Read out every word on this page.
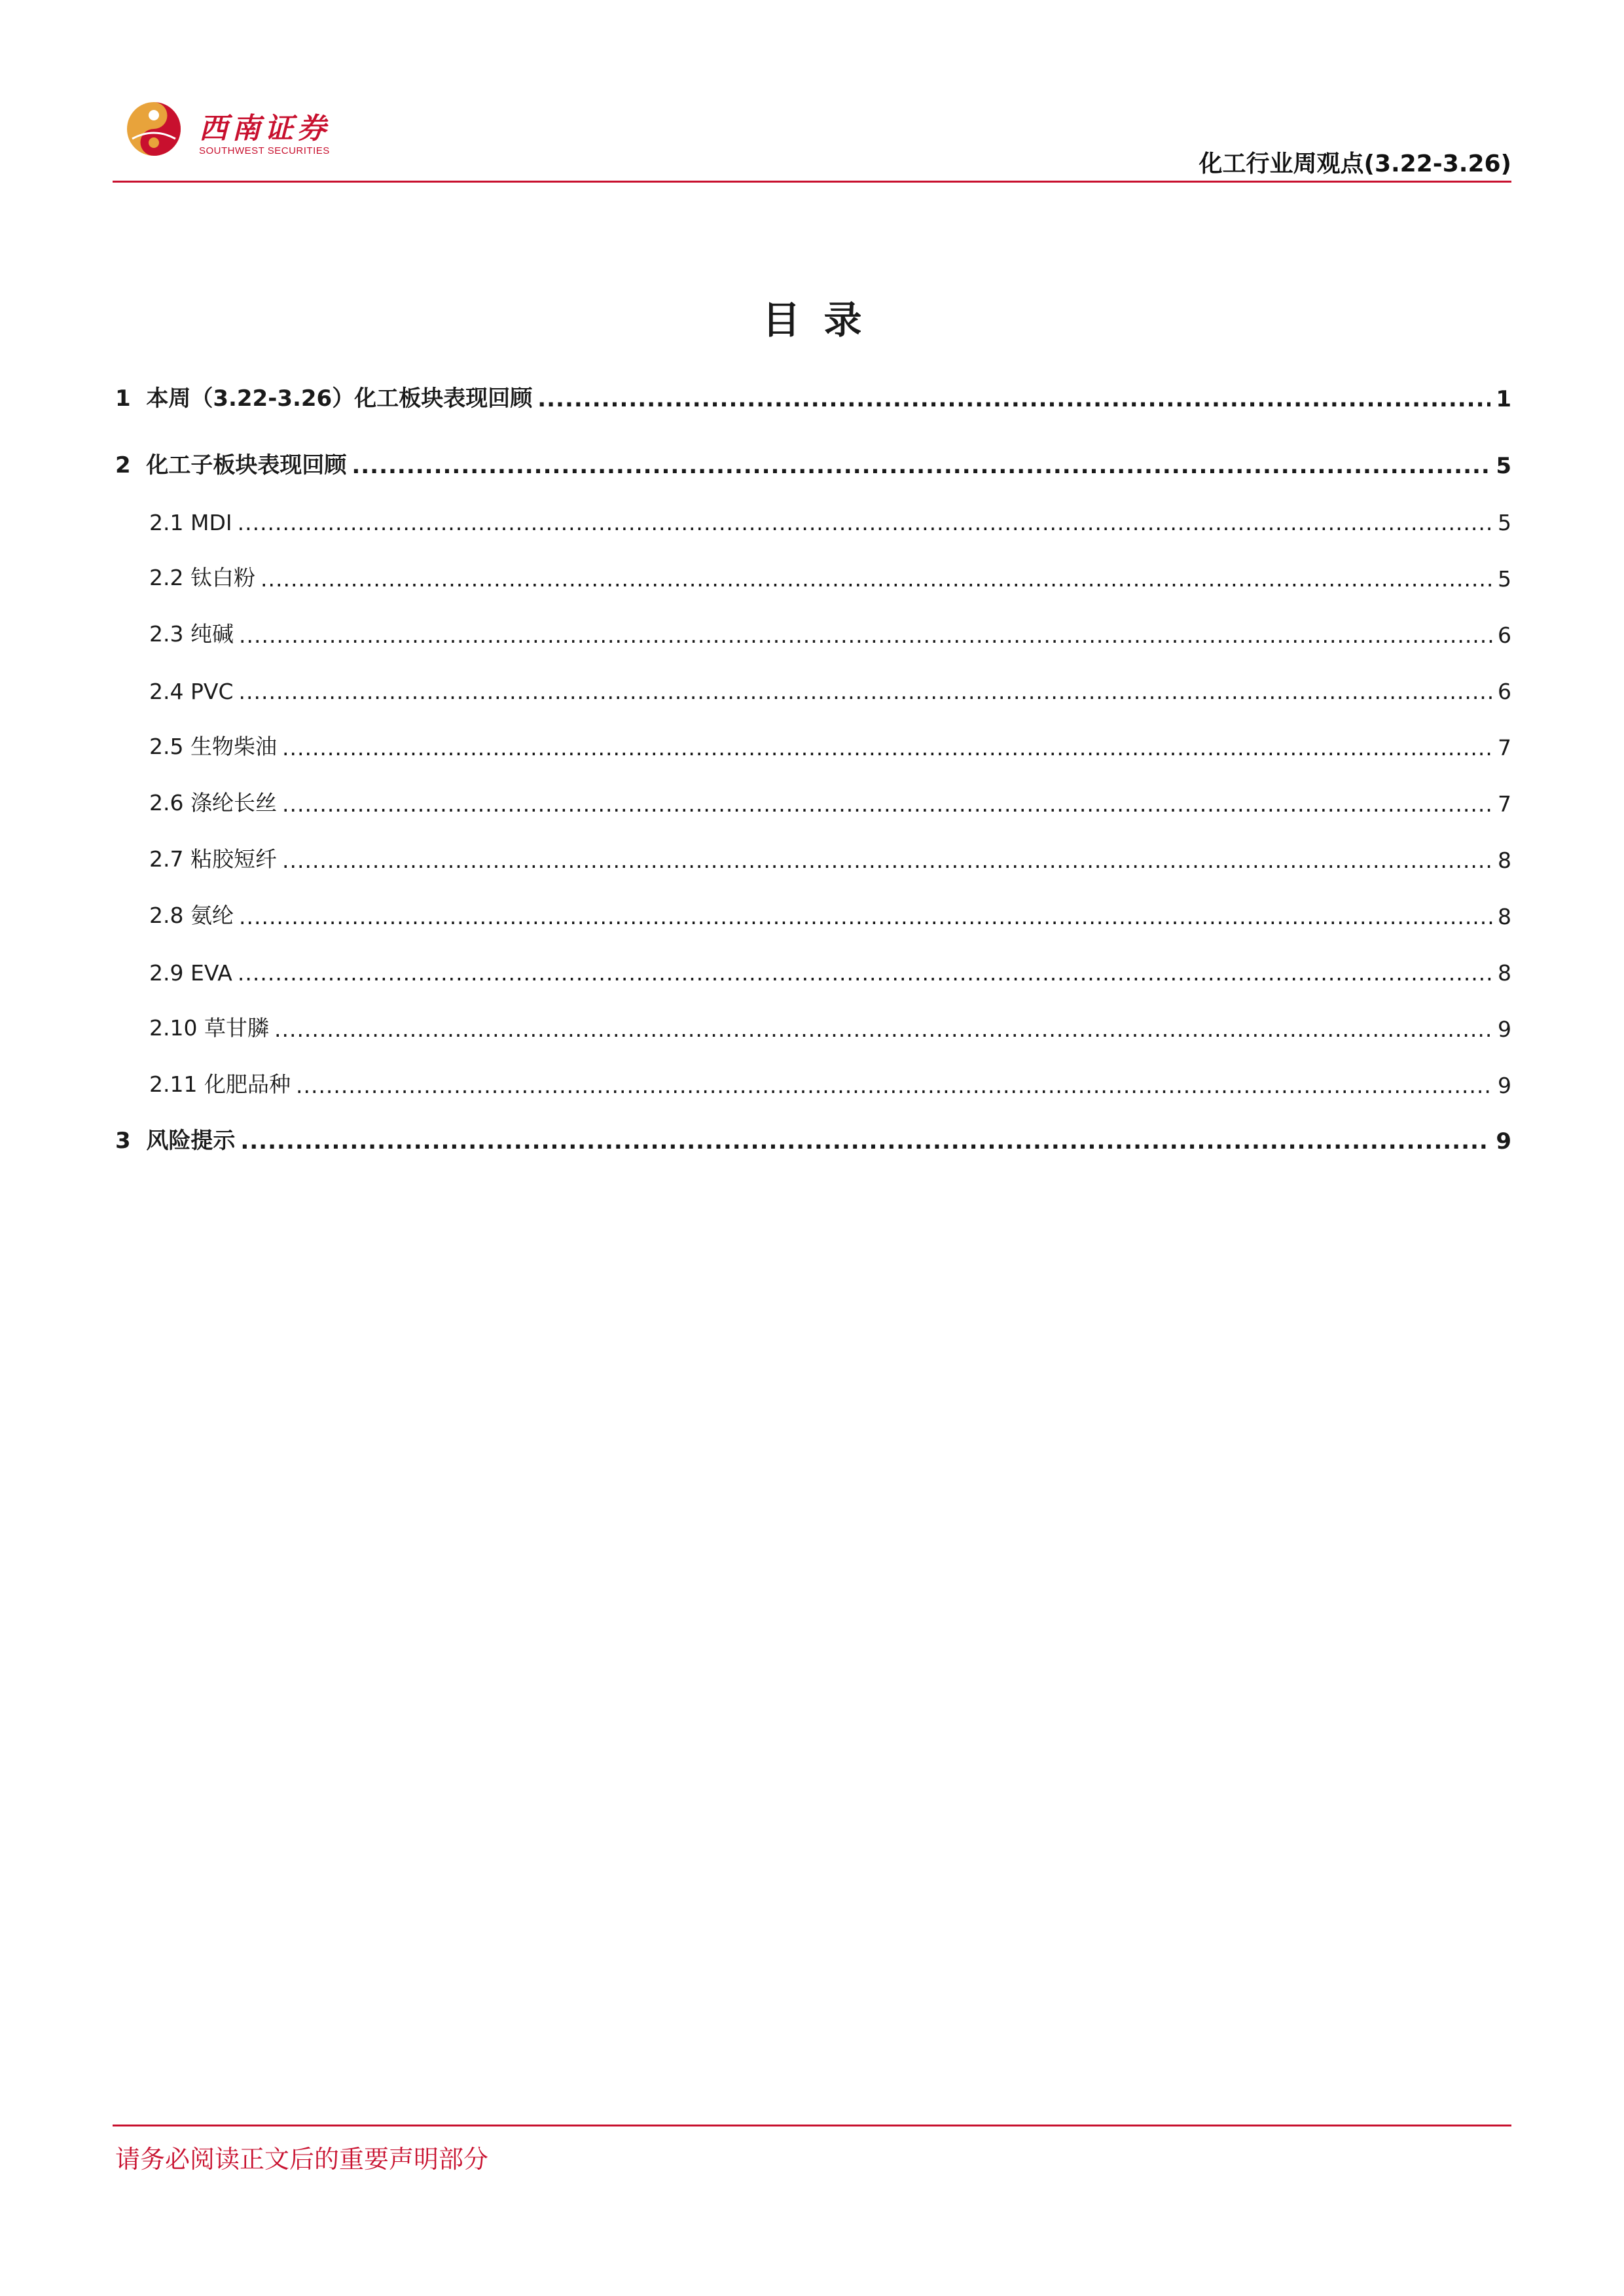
西南证券
SOUTHWEST SECURITIES	化工行业周观点(3.22-3.26)
目录
1  本周（3.22-3.26）化工板块表现回顾 .....	1
2  化工子板块表现回顾 .....	5
2.1 MDI .....	5
2.2 钛白粉 .....	5
2.3 纯碱 .....	6
2.4 PVC .....	6
2.5 生物柴油 .....	7
2.6 涤纶长丝 .....	7
2.7 粘胶短纤 .....	8
2.8 氨纶 .....	8
2.9 EVA .....	8
2.10 草甘膦 .....	9
2.11 化肥品种 .....	9
3  风险提示 .....	9
请务必阅读正文后的重要声明部分
